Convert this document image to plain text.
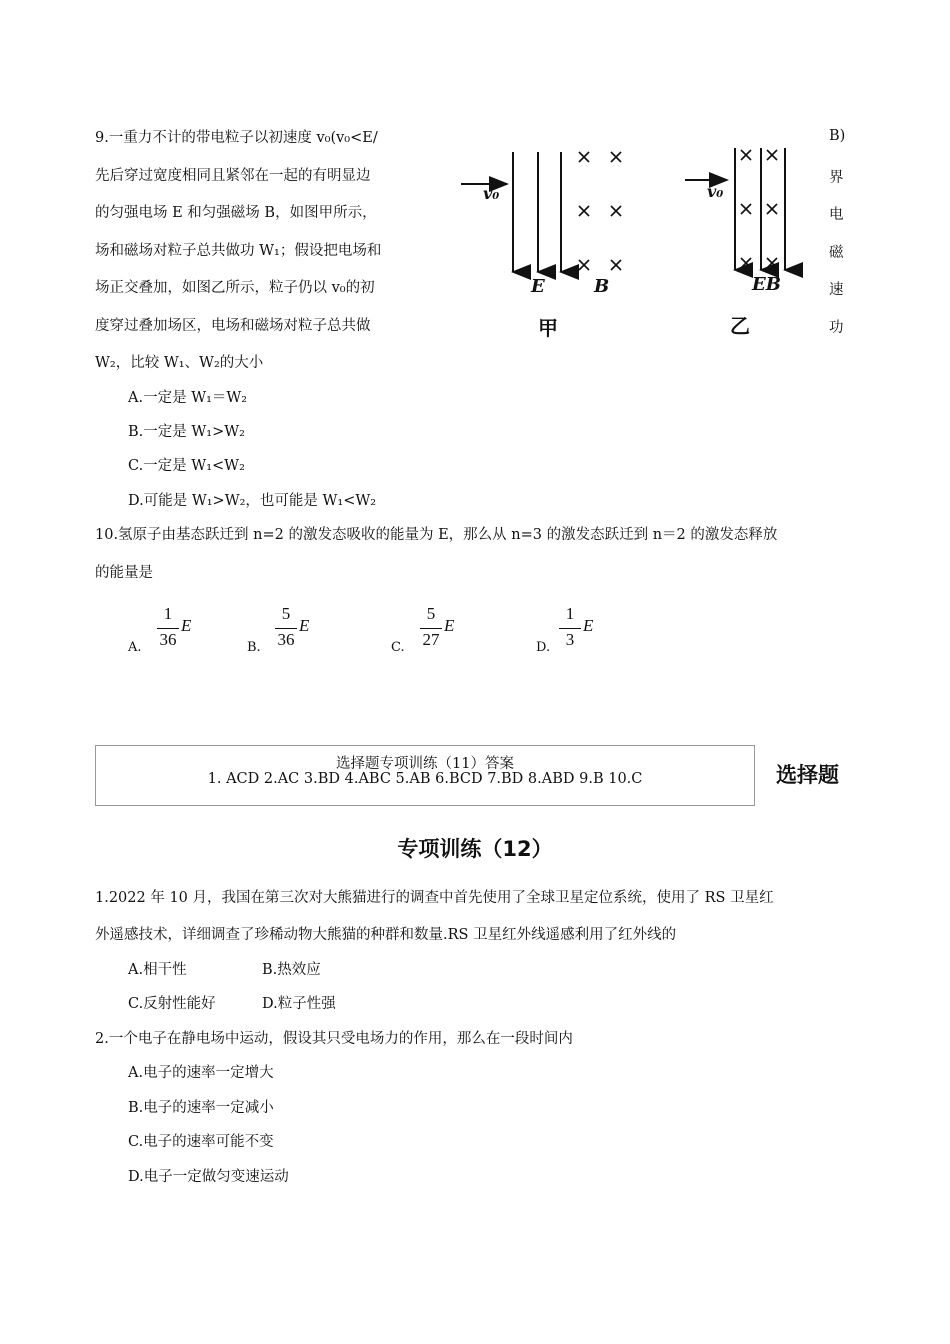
9.一重力不计的带电粒子以初速度 v₀(v₀<E/
先后穿过宽度相同且紧邻在一起的有明显边
的匀强电场 E 和匀强磁场 B，如图甲所示，
场和磁场对粒子总共做功 W₁；假设把电场和
场正交叠加，如图乙所示，粒子仍以 v₀的初
度穿过叠加场区，电场和磁场对粒子总共做
W₂，比较 W₁、W₂的大小
B)
界
电
磁
速
功
v₀
E	B
甲
v₀
EB
乙
A.一定是 W₁＝W₂
B.一定是 W₁>W₂
C.一定是 W₁<W₂
D.可能是 W₁>W₂，也可能是 W₁<W₂
10.氢原子由基态跃迁到 n=2 的激发态吸收的能量为 E，那么从 n=3 的激发态跃迁到 n＝2 的激发态释放
的能量是
A.
1
36
E
B.
5
36
E
C.
5
27
E
D.
1
3
E
选择题专项训练（11）答案
1. ACD 2.AC 3.BD 4.ABC 5.AB 6.BCD 7.BD 8.ABD 9.B 10.C	选择题
专项训练（12）
1.2022 年 10 月，我国在第三次对大熊猫进行的调查中首先使用了全球卫星定位系统，使用了 RS 卫星红
外遥感技术，详细调查了珍稀动物大熊猫的种群和数量.RS 卫星红外线遥感利用了红外线的
A.相干性	B.热效应
C.反射性能好	D.粒子性强
2.一个电子在静电场中运动，假设其只受电场力的作用，那么在一段时间内
A.电子的速率一定增大
B.电子的速率一定减小
C.电子的速率可能不变
D.电子一定做匀变速运动
